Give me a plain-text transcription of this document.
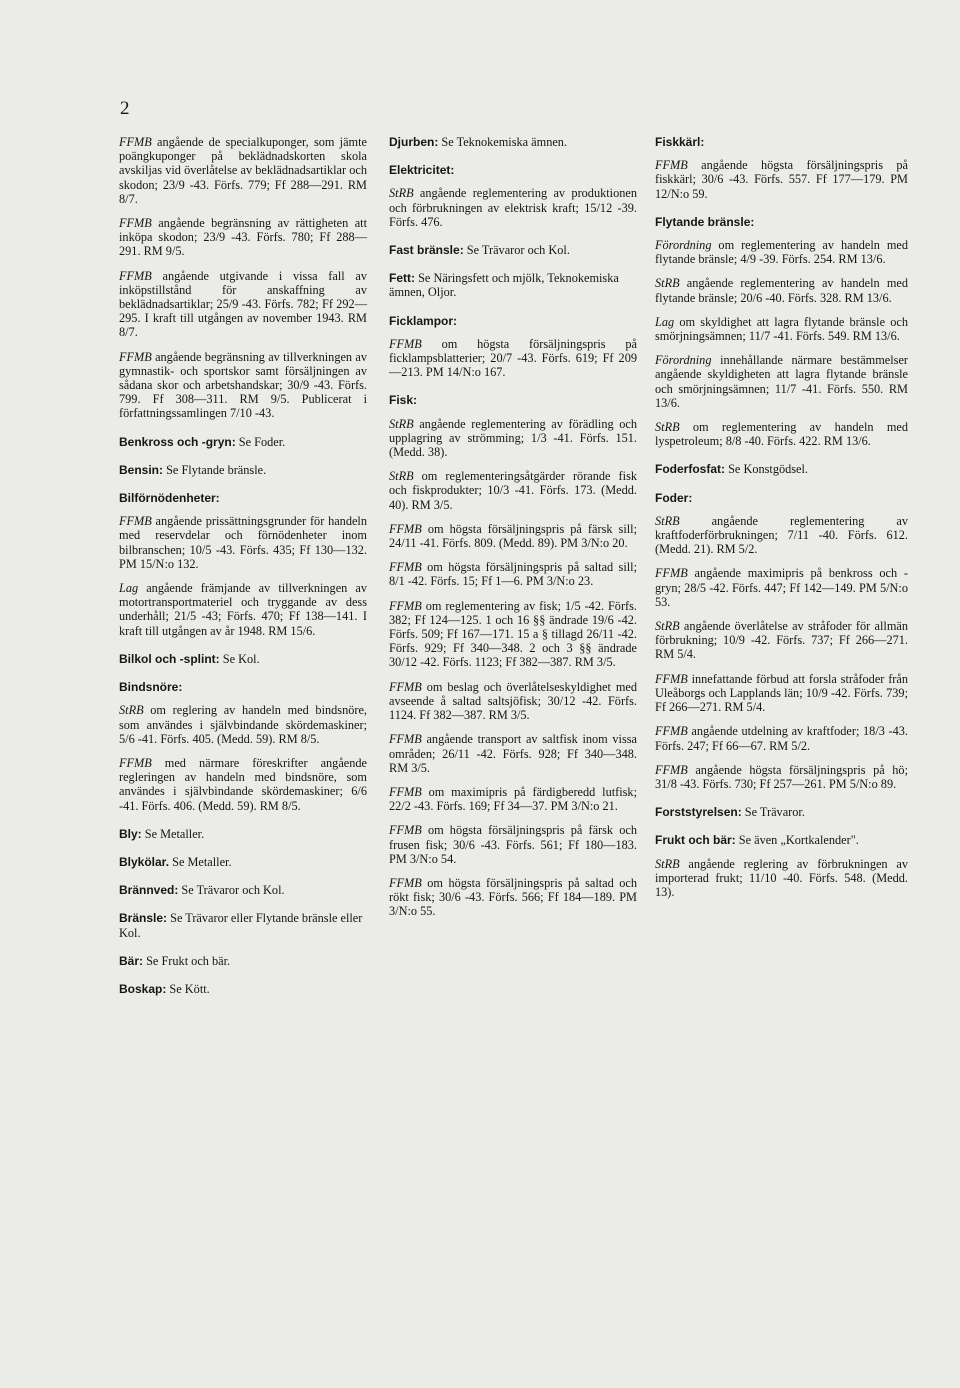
2
FFMB angående de specialkuponger, som jämte poängkuponger på beklädnadskorten skola avskiljas vid överlåtelse av beklädnadsartiklar och skodon; 23/9 -43. Förfs. 779; Ff 288—291. RM 8/7.
FFMB angående begränsning av rättigheten att inköpa skodon; 23/9 -43. Förfs. 780; Ff 288—291. RM 9/5.
FFMB angående utgivande i vissa fall av inköpstillstånd för anskaffning av beklädnadsartiklar; 25/9 -43. Förfs. 782; Ff 292—295. I kraft till utgången av november 1943. RM 8/7.
FFMB angående begränsning av tillverkningen av gymnastik- och sportskor samt försäljningen av sådana skor och arbetshandskar; 30/9 -43. Förfs. 799. Ff 308—311. RM 9/5. Publicerat i författningssamlingen 7/10 -43.
Benkross och -gryn: Se Foder.
Bensin: Se Flytande bränsle.
Bilförnödenheter:
FFMB angående prissättningsgrunder för handeln med reservdelar och förnödenheter inom bilbranschen; 10/5 -43. Förfs. 435; Ff 130—132. PM 15/N:o 132.
Lag angående främjande av tillverkningen av motortransportmateriel och tryggande av dess underhåll; 21/5 -43; Förfs. 470; Ff 138—141. I kraft till utgången av år 1948. RM 15/6.
Bilkol och -splint: Se Kol.
Bindsnöre:
StRB om reglering av handeln med bindsnöre, som användes i självbindande skördemaskiner; 5/6 -41. Förfs. 405. (Medd. 59). RM 8/5.
FFMB med närmare föreskrifter angående regleringen av handeln med bindsnöre, som användes i självbindande skördemaskiner; 6/6 -41. Förfs. 406. (Medd. 59). RM 8/5.
Bly: Se Metaller.
Blykölar. Se Metaller.
Brännved: Se Trävaror och Kol.
Bränsle: Se Trävaror eller Flytande bränsle eller Kol.
Bär: Se Frukt och bär.
Boskap: Se Kött.
Djurben: Se Teknokemiska ämnen.
Elektricitet:
StRB angående reglementering av produktionen och förbrukningen av elektrisk kraft; 15/12 -39. Förfs. 476.
Fast bränsle: Se Trävaror och Kol.
Fett: Se Näringsfett och mjölk, Teknokemiska ämnen, Oljor.
Ficklampor:
FFMB om högsta försäljningspris på ficklampsblatterier; 20/7 -43. Förfs. 619; Ff 209—213. PM 14/N:o 167.
Fisk:
StRB angående reglementering av förädling och upplagring av strömming; 1/3 -41. Förfs. 151. (Medd. 38).
StRB om reglementeringsåtgärder rörande fisk och fiskprodukter; 10/3 -41. Förfs. 173. (Medd. 40). RM 3/5.
FFMB om högsta försäljningspris på färsk sill; 24/11 -41. Förfs. 809. (Medd. 89). PM 3/N:o 20.
FFMB om högsta försäljningspris på saltad sill; 8/1 -42. Förfs. 15; Ff 1—6. PM 3/N:o 23.
FFMB om reglementering av fisk; 1/5 -42. Förfs. 382; Ff 124—125. 1 och 16 §§ ändrade 19/6 -42. Förfs. 509; Ff 167—171. 15 a § tillagd 26/11 -42. Förfs. 929; Ff 340—348. 2 och 3 §§ ändrade 30/12 -42. Förfs. 1123; Ff 382—387. RM 3/5.
FFMB om beslag och överlåtelseskyldighet med avseende å saltad saltsjöfisk; 30/12 -42. Förfs. 1124. Ff 382—387. RM 3/5.
FFMB angående transport av saltfisk inom vissa områden; 26/11 -42. Förfs. 928; Ff 340—348. RM 3/5.
FFMB om maximipris på färdigberedd lutfisk; 22/2 -43. Förfs. 169; Ff 34—37. PM 3/N:o 21.
FFMB om högsta försäljningspris på färsk och frusen fisk; 30/6 -43. Förfs. 561; Ff 180—183. PM 3/N:o 54.
FFMB om högsta försäljningspris på saltad och rökt fisk; 30/6 -43. Förfs. 566; Ff 184—189. PM 3/N:o 55.
Fiskkärl:
FFMB angående högsta försäljningspris på fiskkärl; 30/6 -43. Förfs. 557. Ff 177—179. PM 12/N:o 59.
Flytande bränsle:
Förordning om reglementering av handeln med flytande bränsle; 4/9 -39. Förfs. 254. RM 13/6.
StRB angående reglementering av handeln med flytande bränsle; 20/6 -40. Förfs. 328. RM 13/6.
Lag om skyldighet att lagra flytande bränsle och smörjningsämnen; 11/7 -41. Förfs. 549. RM 13/6.
Förordning innehållande närmare bestämmelser angående skyldigheten att lagra flytande bränsle och smörjningsämnen; 11/7 -41. Förfs. 550. RM 13/6.
StRB om reglementering av handeln med lyspetroleum; 8/8 -40. Förfs. 422. RM 13/6.
Foderfosfat: Se Konstgödsel.
Foder:
StRB angående reglementering av kraftfoderförbrukningen; 7/11 -40. Förfs. 612. (Medd. 21). RM 5/2.
FFMB angående maximipris på benkross och -gryn; 28/5 -42. Förfs. 447; Ff 142—149. PM 5/N:o 53.
StRB angående överlåtelse av stråfoder för allmän förbrukning; 10/9 -42. Förfs. 737; Ff 266—271. RM 5/4.
FFMB innefattande förbud att forsla stråfoder från Uleåborgs och Lapplands län; 10/9 -42. Förfs. 739; Ff 266—271. RM 5/4.
FFMB angående utdelning av kraftfoder; 18/3 -43. Förfs. 247; Ff 66—67. RM 5/2.
FFMB angående högsta försäljningspris på hö; 31/8 -43. Förfs. 730; Ff 257—261. PM 5/N:o 89.
Forststyrelsen: Se Trävaror.
Frukt och bär: Se även „Kortkalender".
StRB angående reglering av förbrukningen av importerad frukt; 11/10 -40. Förfs. 548. (Medd. 13).
